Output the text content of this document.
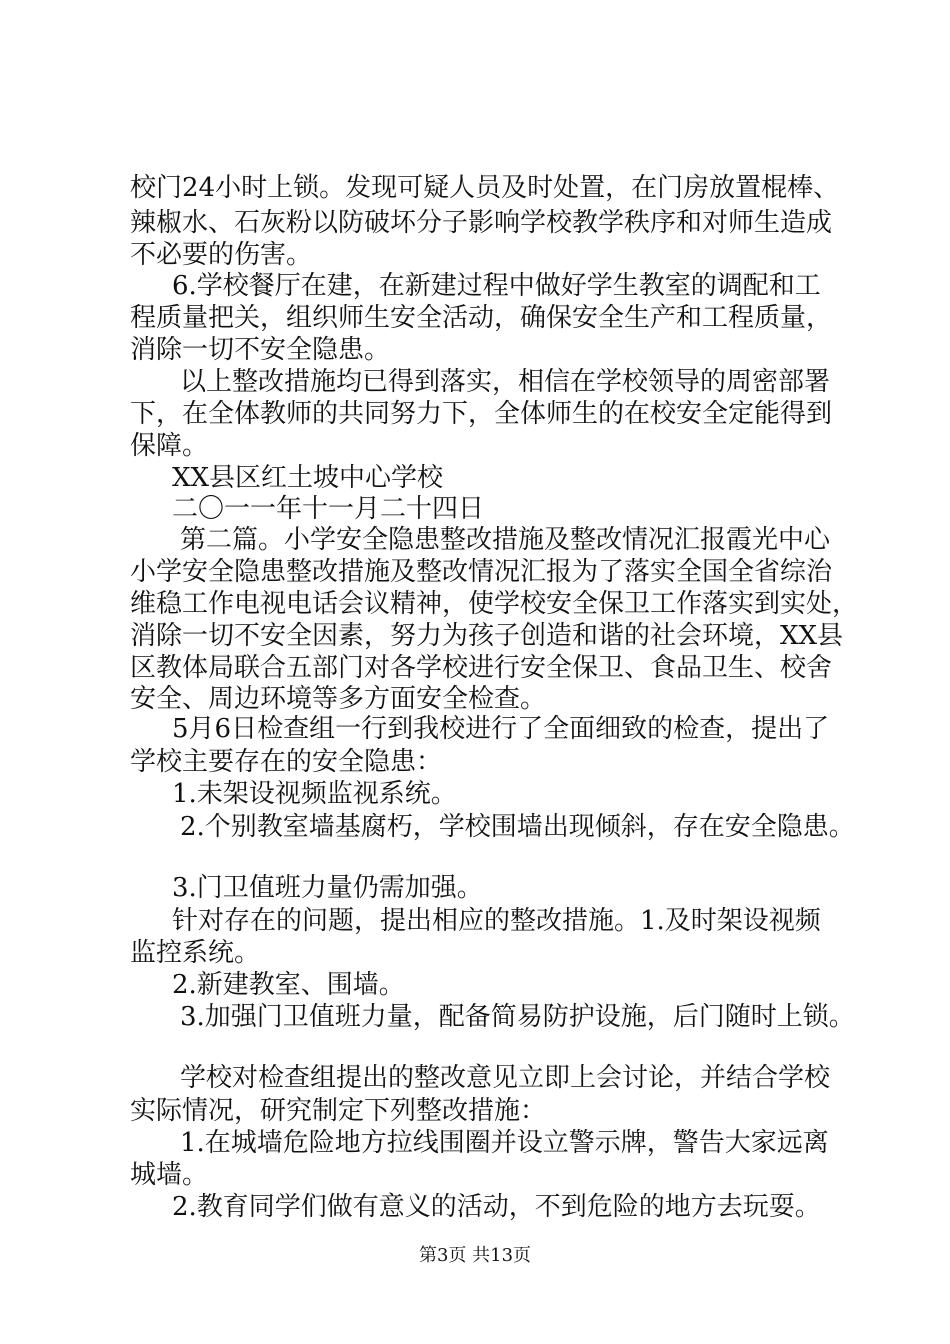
校门24小时上锁。发现可疑人员及时处置，在门房放置棍棒、
辣椒水、石灰粉以防破坏分子影响学校教学秩序和对师生造成
不必要的伤害。
6.学校餐厅在建，在新建过程中做好学生教室的调配和工
程质量把关，组织师生安全活动，确保安全生产和工程质量，
消除一切不安全隐患。
以上整改措施均已得到落实，相信在学校领导的周密部署
下，在全体教师的共同努力下，全体师生的在校安全定能得到
保障。
XX县区红土坡中心学校
二〇一一年十一月二十四日
第二篇。小学安全隐患整改措施及整改情况汇报霞光中心
小学安全隐患整改措施及整改情况汇报为了落实全国全省综治
维稳工作电视电话会议精神，使学校安全保卫工作落实到实处，
消除一切不安全因素，努力为孩子创造和谐的社会环境，XX县
区教体局联合五部门对各学校进行安全保卫、食品卫生、校舍
安全、周边环境等多方面安全检查。
5月6日检查组一行到我校进行了全面细致的检查，提出了
学校主要存在的安全隐患：
1.未架设视频监视系统。
2.个别教室墙基腐朽，学校围墙出现倾斜，存在安全隐患。
3.门卫值班力量仍需加强。
针对存在的问题，提出相应的整改措施。1.及时架设视频
监控系统。
2.新建教室、围墙。
3.加强门卫值班力量，配备简易防护设施，后门随时上锁。
学校对检查组提出的整改意见立即上会讨论，并结合学校
实际情况，研究制定下列整改措施：
1.在城墙危险地方拉线围圈并设立警示牌，警告大家远离
城墙。
2.教育同学们做有意义的活动，不到危险的地方去玩耍。
第3页 共13页
